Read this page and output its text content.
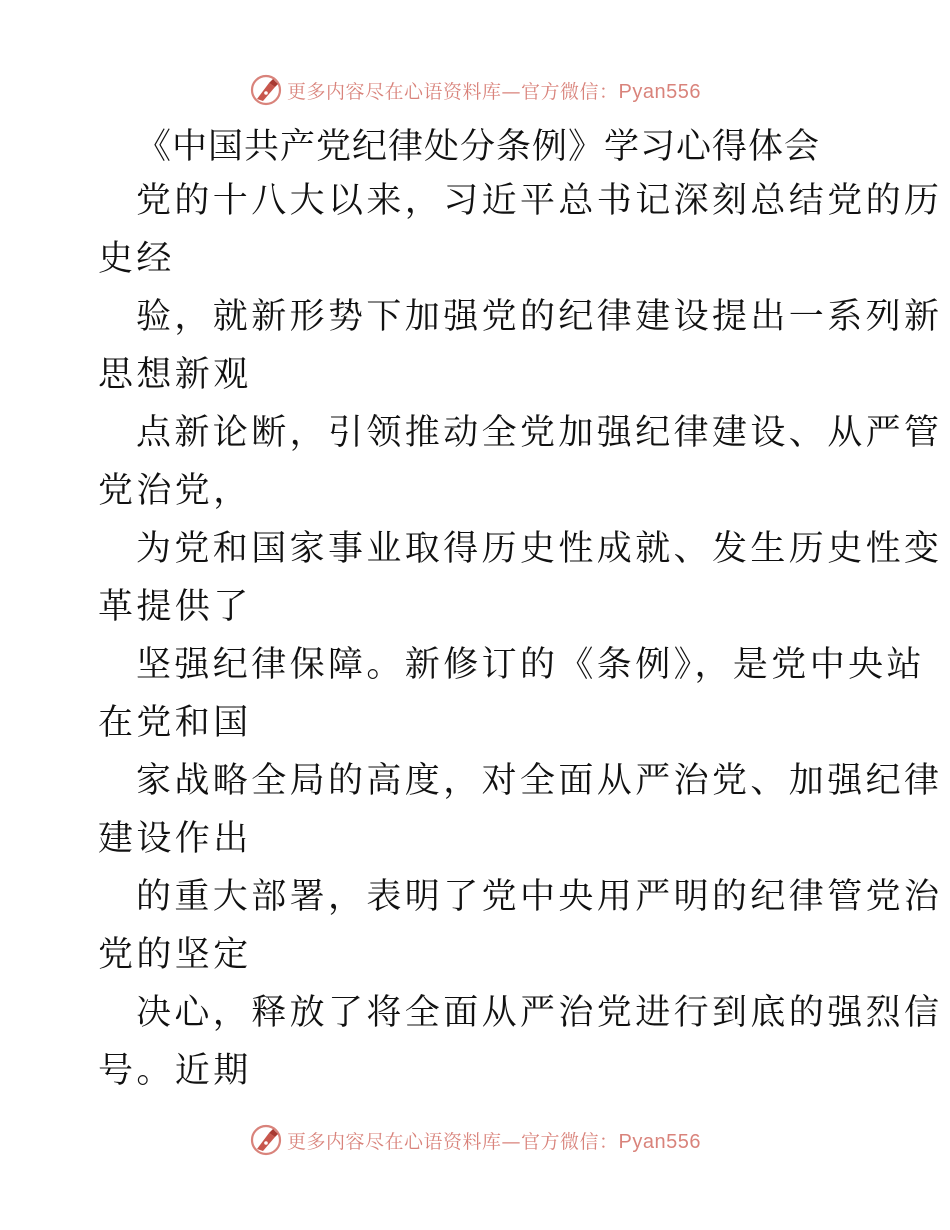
更多内容尽在心语资料库—官方微信：Pyan556
《中国共产党纪律处分条例》学习心得体会
党的十八大以来，习近平总书记深刻总结党的历
史经
验，就新形势下加强党的纪律建设提出一系列新
思想新观
点新论断，引领推动全党加强纪律建设、从严管
党治党，
为党和国家事业取得历史性成就、发生历史性变
革提供了
坚强纪律保障。新修订的《条例》，是党中央站
在党和国
家战略全局的高度，对全面从严治党、加强纪律
建设作出
的重大部署，表明了党中央用严明的纪律管党治
党的坚定
决心，释放了将全面从严治党进行到底的强烈信
号。近期
更多内容尽在心语资料库—官方微信：Pyan556
